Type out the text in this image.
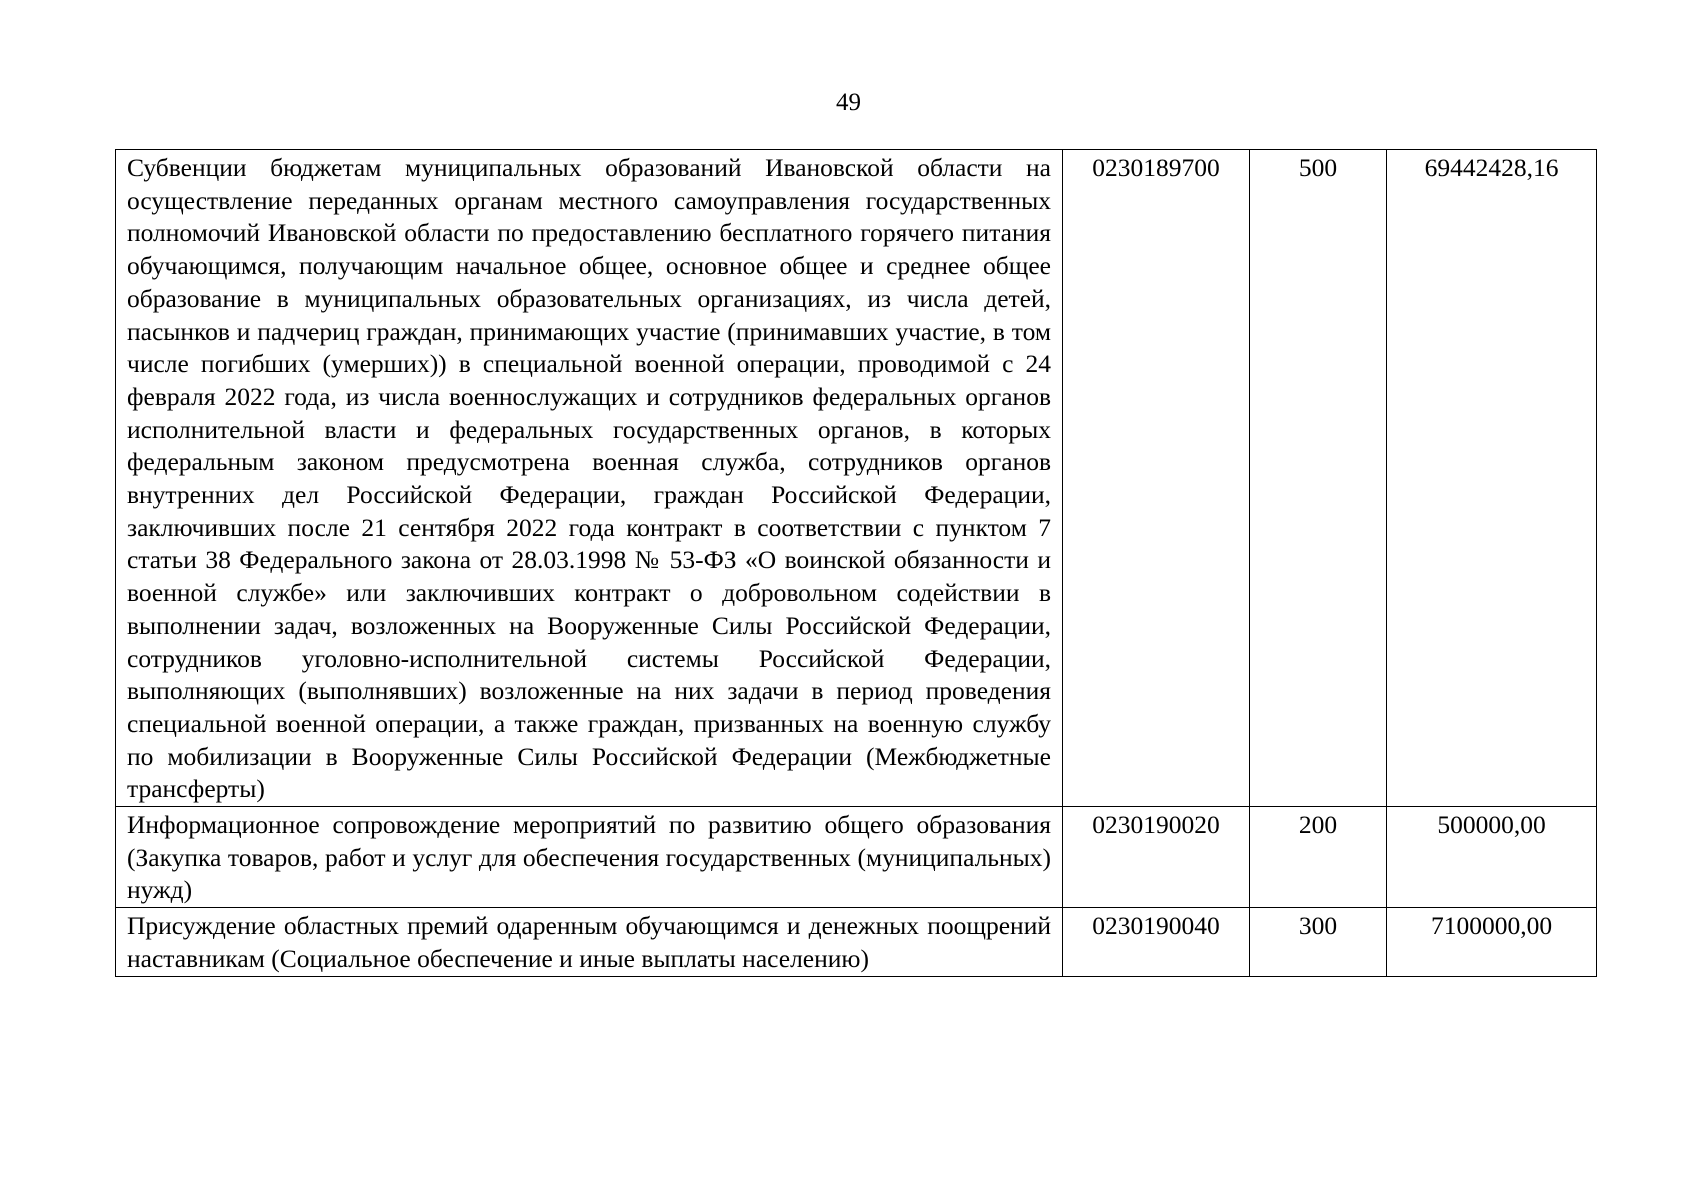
49
Субвенции бюджетам муниципальных образований Ивановской области на осуществление переданных органам местного самоуправления государственных полномочий Ивановской области по предоставлению бесплатного горячего питания обучающимся, получающим начальное общее, основное общее и среднее общее образование в муниципальных образовательных организациях, из числа детей, пасынков и падчериц граждан, принимающих участие (принимавших участие, в том числе погибших (умерших)) в специальной военной операции, проводимой с 24 февраля 2022 года, из числа военнослужащих и сотрудников федеральных органов исполнительной власти и федеральных государственных органов, в которых федеральным законом предусмотрена военная служба, сотрудников органов внутренних дел Российской Федерации, граждан Российской Федерации, заключивших после 21 сентября 2022 года контракт в соответствии с пунктом 7 статьи 38 Федерального закона от 28.03.1998 № 53-ФЗ «О воинской обязанности и военной службе» или заключивших контракт о добровольном содействии в выполнении задач, возложенных на Вооруженные Силы Российской Федерации, сотрудников уголовно-исполнительной системы Российской Федерации, выполняющих (выполнявших) возложенные на них задачи в период проведения специальной военной операции, а также граждан, призванных на военную службу по мобилизации в Вооруженные Силы Российской Федерации (Межбюджетные трансферты)	0230189700	500	69442428,16
Информационное сопровождение мероприятий по развитию общего образования (Закупка товаров, работ и услуг для обеспечения государственных (муниципальных) нужд)	0230190020	200	500000,00
Присуждение областных премий одаренным обучающимся и денежных поощрений наставникам (Социальное обеспечение и иные выплаты населению)	0230190040	300	7100000,00
